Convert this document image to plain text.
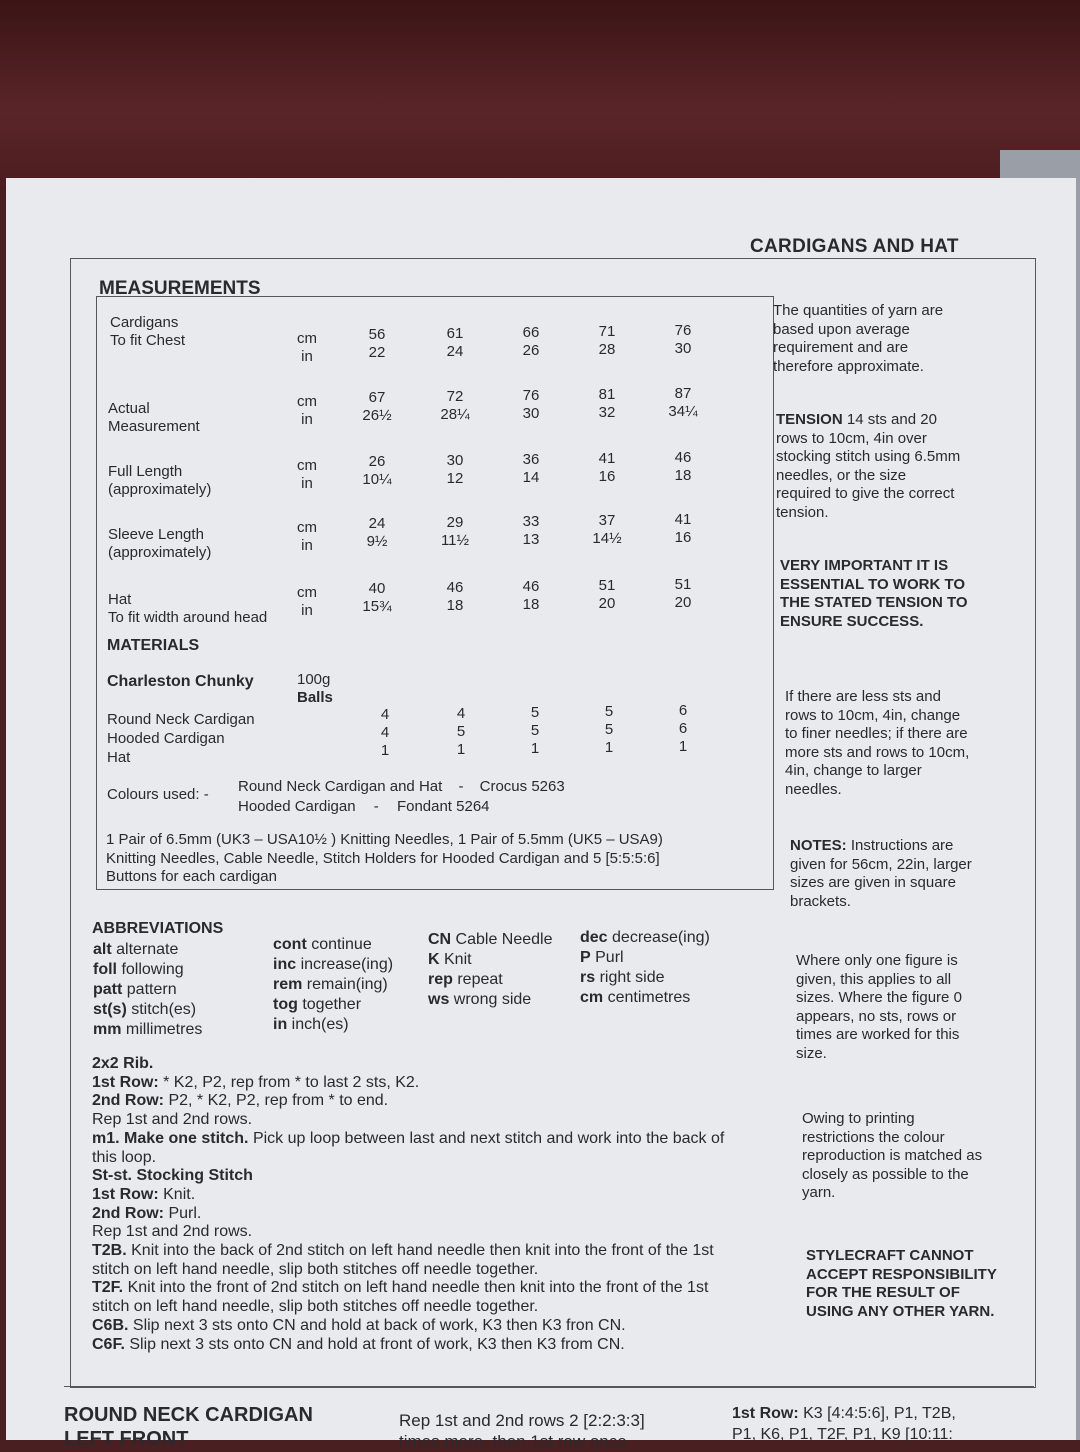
CARDIGANS AND HAT
MEASUREMENTS
Cardigans
To fit Chest	cm
in
56
22
61
24
66
26
71
28
76
30
Actual
Measurement
cm
in
67
26½
72
28¼
76
30
81
32
87
34¼
Full Length
(approximately)
cm
in
26
10¼
30
12
36
14
41
16
46
18
Sleeve Length
(approximately)
cm
in
24
9½
29
11½
33
13
37
14½
41
16
Hat
To fit width around head
cm
in
40
15¾
46
18
46
18
51
20
51
20
MATERIALS
Charleston Chunky	100g
Balls
Round Neck Cardigan
Hooded Cardigan
Hat
4
4
1
4
5
1
5
5
1
5
5
1
6
6
1
Colours used: - Round Neck Cardigan and Hat - Crocus 5263
Hooded Cardigan - Fondant 5264
1 Pair of 6.5mm (UK3 – USA10½ ) Knitting Needles, 1 Pair of 5.5mm (UK5 – USA9)
Knitting Needles, Cable Needle, Stitch Holders for Hooded Cardigan and 5 [5:5:5:6]
Buttons for each cardigan
The quantities of yarn are based upon average requirement and are therefore approximate.
TENSION 14 sts and 20 rows to 10cm, 4in over stocking stitch using 6.5mm needles, or the size required to give the correct tension.
VERY IMPORTANT IT IS ESSENTIAL TO WORK TO THE STATED TENSION TO ENSURE SUCCESS.
If there are less sts and rows to 10cm, 4in, change to finer needles; if there are more sts and rows to 10cm, 4in, change to larger needles.
NOTES: Instructions are given for 56cm, 22in, larger sizes are given in square brackets.
Where only one figure is given, this applies to all sizes. Where the figure 0 appears, no sts, rows or times are worked for this size.
Owing to printing restrictions the colour reproduction is matched as closely as possible to the yarn.
STYLECRAFT CANNOT ACCEPT RESPONSIBILITY FOR THE RESULT OF USING ANY OTHER YARN.
ABBREVIATIONS
alt alternate
foll following
patt pattern
st(s) stitch(es)
mm millimetres
cont continue
inc increase(ing)
rem remain(ing)
tog together
in inch(es)
CN Cable Needle
K Knit
rep repeat
ws wrong side
dec decrease(ing)
P Purl
rs right side
cm centimetres
2x2 Rib.
1st Row: * K2, P2, rep from * to last 2 sts, K2.
2nd Row: P2, * K2, P2, rep from * to end.
Rep 1st and 2nd rows.
m1. Make one stitch. Pick up loop between last and next stitch and work into the back of
this loop.
St-st. Stocking Stitch
1st Row: Knit.
2nd Row: Purl.
Rep 1st and 2nd rows.
T2B. Knit into the back of 2nd stitch on left hand needle then knit into the front of the 1st
stitch on left hand needle, slip both stitches off needle together.
T2F. Knit into the front of 2nd stitch on left hand needle then knit into the front of the 1st
stitch on left hand needle, slip both stitches off needle together.
C6B. Slip next 3 sts onto CN and hold at back of work, K3 then K3 fron CN.
C6F. Slip next 3 sts onto CN and hold at front of work, K3 then K3 from CN.
ROUND NECK CARDIGAN
LEFT FRONT
Rep 1st and 2nd rows 2 [2:2:3:3]
times more, then 1st row once
1st Row: K3 [4:4:5:6], P1, T2B,
P1, K6, P1, T2F, P1, K9 [10:11:
